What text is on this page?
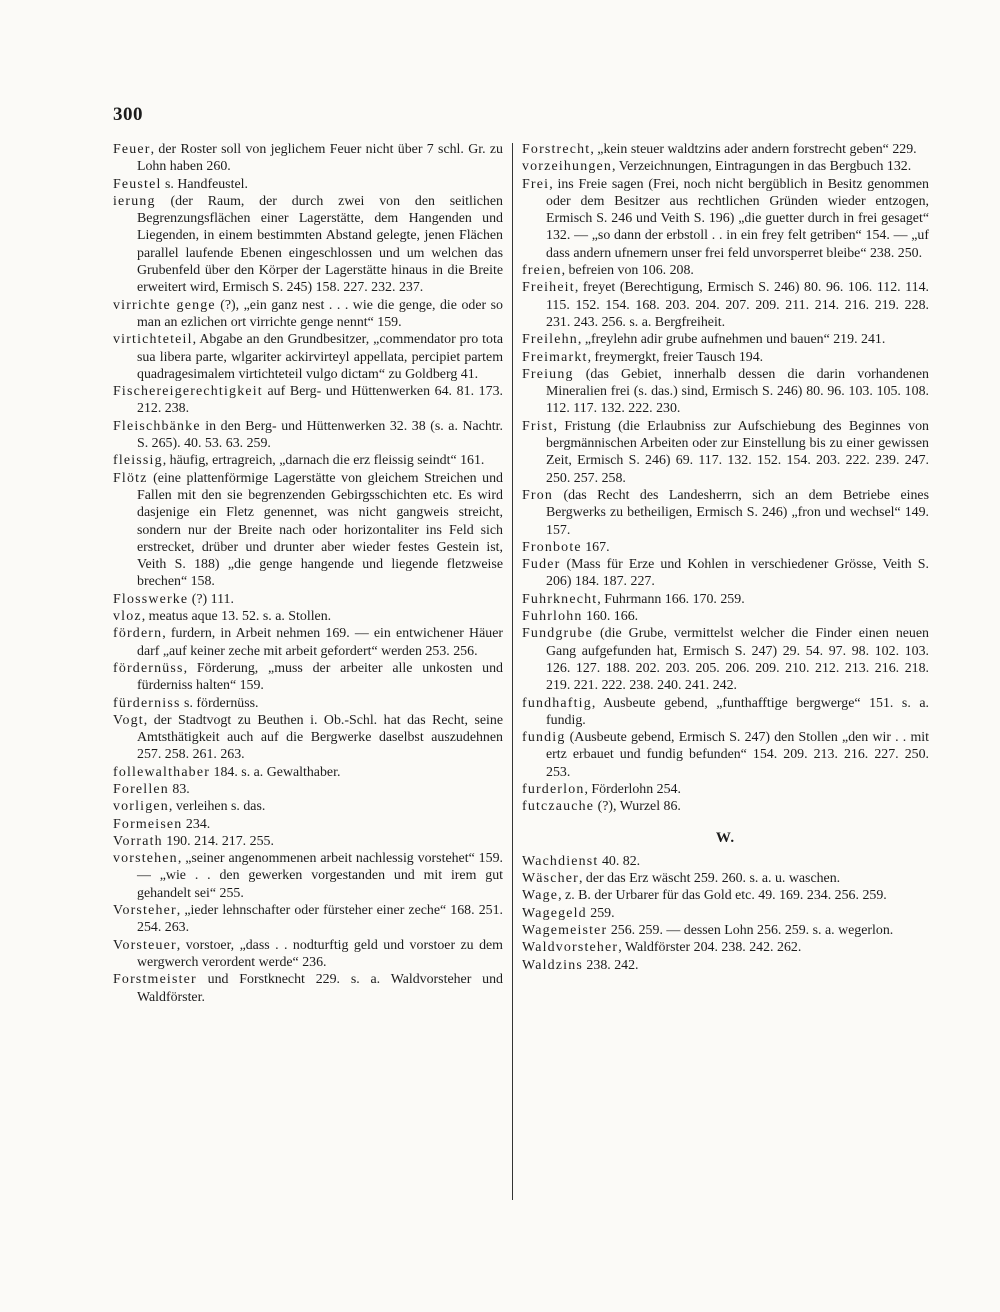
300

Feuer, der Roster soll von jeglichem Feuer nicht über 7 schl. Gr. zu Lohn haben 260.

Feustel s. Handfeustel.

ierung (der Raum, der durch zwei von den seitlichen Begrenzungsflächen einer Lagerstätte, dem Hangenden und Liegenden, in einem bestimmten Abstand gelegte, jenen Flächen parallel laufende Ebenen eingeschlossen und um welchen das Grubenfeld über den Körper der Lagerstätte hinaus in die Breite erweitert wird, Ermisch S. 245) 158. 227. 232. 237.

virrichte genge (?), „ein ganz nest . . . wie die genge, die oder so man an ezlichen ort virrichte genge nennt“ 159.

virtichteteil, Abgabe an den Grundbesitzer, „commendator pro tota sua libera parte, wlgariter ackirvirteyl appellata, percipiet partem quadragesimalem virtichteteil vulgo dictam“ zu Goldberg 41.

Fischereigerechtigkeit auf Berg- und Hüttenwerken 64. 81. 173. 212. 238.

Fleischbänke in den Berg- und Hüttenwerken 32. 38 (s. a. Nachtr. S. 265). 40. 53. 63. 259.

fleissig, häufig, ertragreich, „darnach die erz fleissig seindt“ 161.

Flötz (eine plattenförmige Lagerstätte von gleichem Streichen und Fallen mit den sie begrenzenden Gebirgsschichten etc. Es wird dasjenige ein Fletz genennet, was nicht gangweis streicht, sondern nur der Breite nach oder horizontaliter ins Feld sich erstrecket, drüber und drunter aber wieder festes Gestein ist, Veith S. 188) „die genge hangende und liegende fletzweise brechen“ 158.

Flosswerke (?) 111.

vloz, meatus aque 13. 52. s. a. Stollen.

fördern, furdern, in Arbeit nehmen 169. — ein entwichener Häuer darf „auf keiner zeche mit arbeit gefordert“ werden 253. 256.

fördernüss, Förderung, „muss der arbeiter alle unkosten und fürderniss halten“ 159.

fürderniss s. fördernüss.

Vogt, der Stadtvogt zu Beuthen i. Ob.-Schl. hat das Recht, seine Amtsthätigkeit auch auf die Bergwerke daselbst auszudehnen 257. 258. 261. 263.

follewalthaber 184. s. a. Gewalthaber.

Forellen 83.

vorligen, verleihen s. das.

Formeisen 234.

Vorrath 190. 214. 217. 255.

vorstehen, „seiner angenommenen arbeit nachlessig vorstehet“ 159. — „wie . . den gewerken vorgestanden und mit irem gut gehandelt sei“ 255.

Vorsteher, „ieder lehnschafter oder fürsteher einer zeche“ 168. 251. 254. 263.

Vorsteuer, vorstoer, „dass . . nodturftig geld und vorstoer zu dem wergwerch verordent werde“ 236.

Forstmeister und Forstknecht 229. s. a. Waldvorsteher und Waldförster.

Forstrecht, „kein steuer waldtzins ader andern forstrecht geben“ 229.

vorzeihungen, Verzeichnungen, Eintragungen in das Bergbuch 132.

Frei, ins Freie sagen (Frei, noch nicht bergüblich in Besitz genommen oder dem Besitzer aus rechtlichen Gründen wieder entzogen, Ermisch S. 246 und Veith S. 196) „die guetter durch in frei gesaget“ 132. — „so dann der erbstoll . . in ein frey felt getriben“ 154. — „uf dass andern ufnemern unser frei feld unvorsperret bleibe“ 238. 250.

freien, befreien von 106. 208.

Freiheit, freyet (Berechtigung, Ermisch S. 246) 80. 96. 106. 112. 114. 115. 152. 154. 168. 203. 204. 207. 209. 211. 214. 216. 219. 228. 231. 243. 256. s. a. Bergfreiheit.

Freilehn, „freylehn adir grube aufnehmen und bauen“ 219. 241.

Freimarkt, freymergkt, freier Tausch 194.

Freiung (das Gebiet, innerhalb dessen die darin vorhandenen Mineralien frei (s. das.) sind, Ermisch S. 246) 80. 96. 103. 105. 108. 112. 117. 132. 222. 230.

Frist, Fristung (die Erlaubniss zur Aufschiebung des Beginnes von bergmännischen Arbeiten oder zur Einstellung bis zu einer gewissen Zeit, Ermisch S. 246) 69. 117. 132. 152. 154. 203. 222. 239. 247. 250. 257. 258.

Fron (das Recht des Landesherrn, sich an dem Betriebe eines Bergwerks zu betheiligen, Ermisch S. 246) „fron und wechsel“ 149. 157.

Fronbote 167.

Fuder (Mass für Erze und Kohlen in verschiedener Grösse, Veith S. 206) 184. 187. 227.

Fuhrknecht, Fuhrmann 166. 170. 259.

Fuhrlohn 160. 166.

Fundgrube (die Grube, vermittelst welcher die Finder einen neuen Gang aufgefunden hat, Ermisch S. 247) 29. 54. 97. 98. 102. 103. 126. 127. 188. 202. 203. 205. 206. 209. 210. 212. 213. 216. 218. 219. 221. 222. 238. 240. 241. 242.

fundhaftig, Ausbeute gebend, „funthafftige bergwerge“ 151. s. a. fundig.

fundig (Ausbeute gebend, Ermisch S. 247) den Stollen „den wir . . mit ertz erbauet und fundig befunden“ 154. 209. 213. 216. 227. 250. 253.

furderlon, Förderlohn 254.

futczauche (?), Wurzel 86.

W.

Wachdienst 40. 82.

Wäscher, der das Erz wäscht 259. 260. s. a. u. waschen.

Wage, z. B. der Urbarer für das Gold etc. 49. 169. 234. 256. 259.

Wagegeld 259.

Wagemeister 256. 259. — dessen Lohn 256. 259. s. a. wegerlon.

Waldvorsteher, Waldförster 204. 238. 242. 262.

Waldzins 238. 242.
